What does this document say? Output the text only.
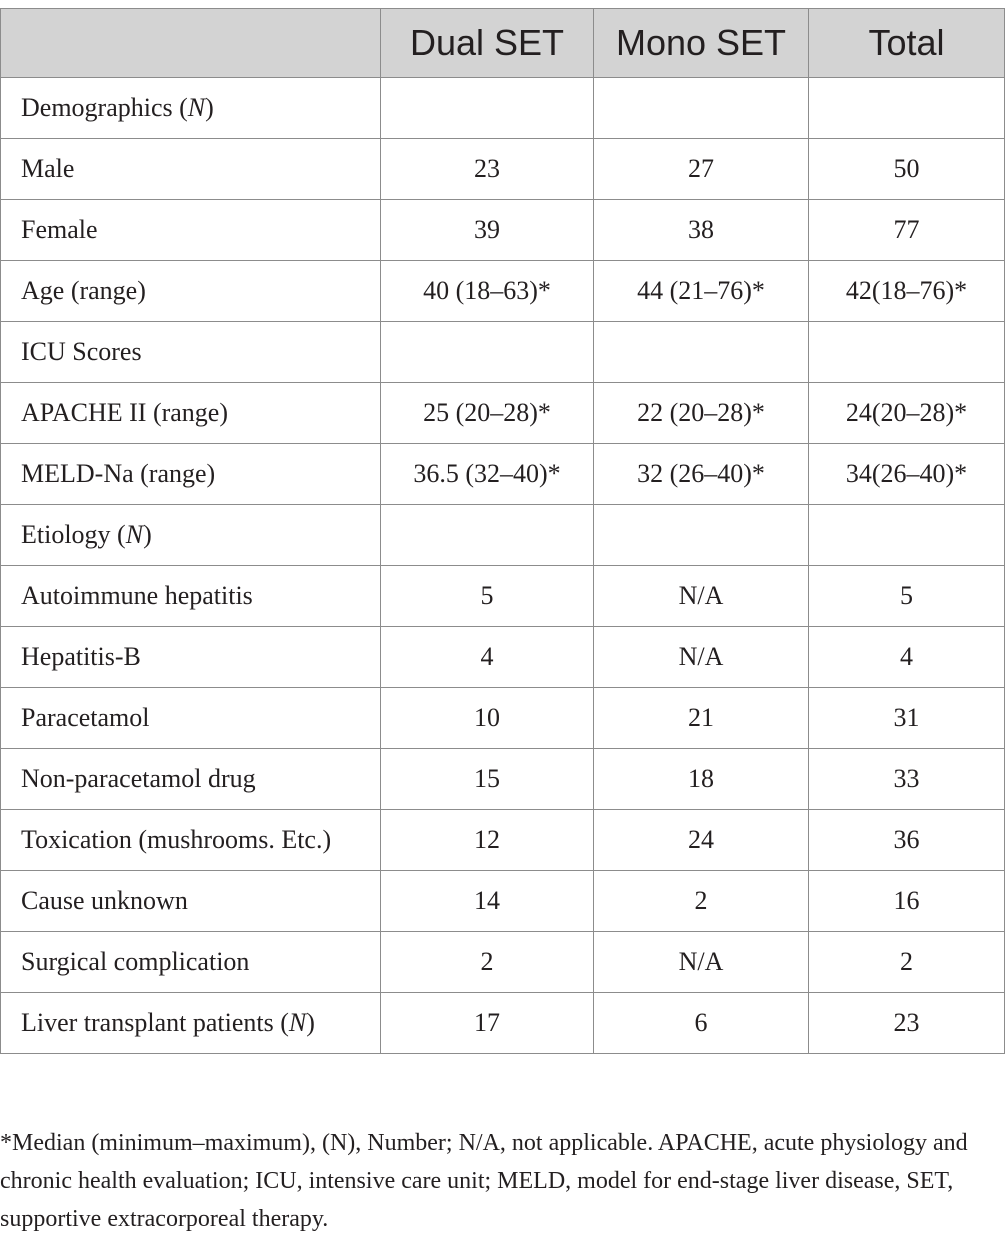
	Dual SET	Mono SET	Total
Demographics (N)			
Male	23	27	50
Female	39	38	77
Age (range)	40 (18–63)*	44 (21–76)*	42(18–76)*
ICU Scores			
APACHE II (range)	25 (20–28)*	22 (20–28)*	24(20–28)*
MELD-Na (range)	36.5 (32–40)*	32 (26–40)*	34(26–40)*
Etiology (N)			
Autoimmune hepatitis	5	N/A	5
Hepatitis-B	4	N/A	4
Paracetamol	10	21	31
Non-paracetamol drug	15	18	33
Toxication (mushrooms. Etc.)	12	24	36
Cause unknown	14	2	16
Surgical complication	2	N/A	2
Liver transplant patients (N)	17	6	23
*Median (minimum–maximum), (N), Number; N/A, not applicable. APACHE, acute physiology and chronic health evaluation; ICU, intensive care unit; MELD, model for end-stage liver disease, SET, supportive extracorporeal therapy.
